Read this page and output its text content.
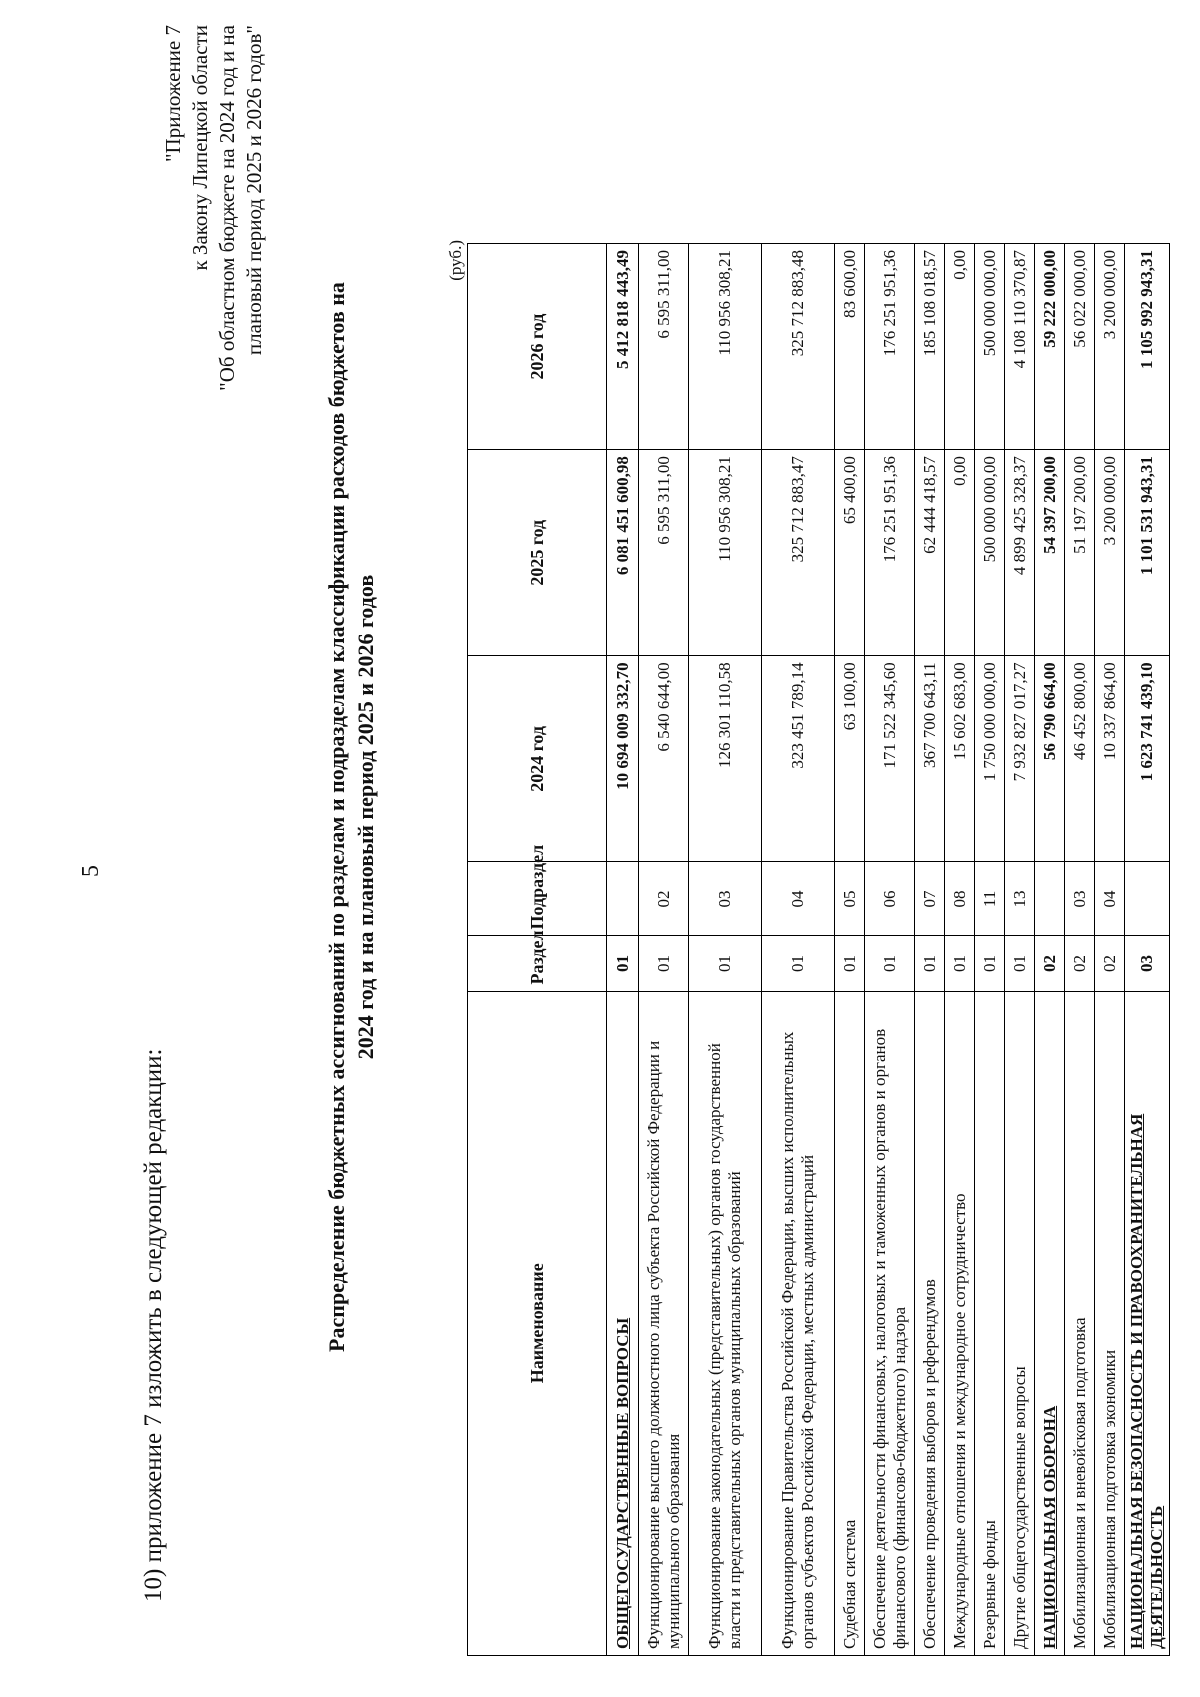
5
10) приложение 7 изложить в следующей редакции:
"Приложение 7 к Закону Липецкой области "Об областном бюджете на 2024 год и на плановый период 2025 и 2026 годов"
Распределение бюджетных ассигнований по разделам и подразделам классификации расходов бюджетов на 2024 год и на плановый период 2025 и 2026 годов
(руб.)
Наименование	Раздел	Подраздел	2024 год	2025 год	2026 год
ОБЩЕГОСУДАРСТВЕННЫЕ ВОПРОСЫ	01		10 694 009 332,70	6 081 451 600,98	5 412 818 443,49
Функционирование высшего должностного лица субъекта Российской Федерации и муниципального образования	01	02	6 540 644,00	6 595 311,00	6 595 311,00
Функционирование законодательных (представительных) органов государственной власти и представительных органов муниципальных образований	01	03	126 301 110,58	110 956 308,21	110 956 308,21
Функционирование Правительства Российской Федерации, высших исполнительных органов субъектов Российской Федерации, местных администраций	01	04	323 451 789,14	325 712 883,47	325 712 883,48
Судебная система	01	05	63 100,00	65 400,00	83 600,00
Обеспечение деятельности финансовых, налоговых и таможенных органов и органов финансового (финансово-бюджетного) надзора	01	06	171 522 345,60	176 251 951,36	176 251 951,36
Обеспечение проведения выборов и референдумов	01	07	367 700 643,11	62 444 418,57	185 108 018,57
Международные отношения и международное сотрудничество	01	08	15 602 683,00	0,00	0,00
Резервные фонды	01	11	1 750 000 000,00	500 000 000,00	500 000 000,00
Другие общегосударственные вопросы	01	13	7 932 827 017,27	4 899 425 328,37	4 108 110 370,87
НАЦИОНАЛЬНАЯ ОБОРОНА	02		56 790 664,00	54 397 200,00	59 222 000,00
Мобилизационная и вневойсковая подготовка	02	03	46 452 800,00	51 197 200,00	56 022 000,00
Мобилизационная подготовка экономики	02	04	10 337 864,00	3 200 000,00	3 200 000,00
НАЦИОНАЛЬНАЯ БЕЗОПАСНОСТЬ И ПРАВООХРАНИТЕЛЬНАЯ ДЕЯТЕЛЬНОСТЬ	03		1 623 741 439,10	1 101 531 943,31	1 105 992 943,31
